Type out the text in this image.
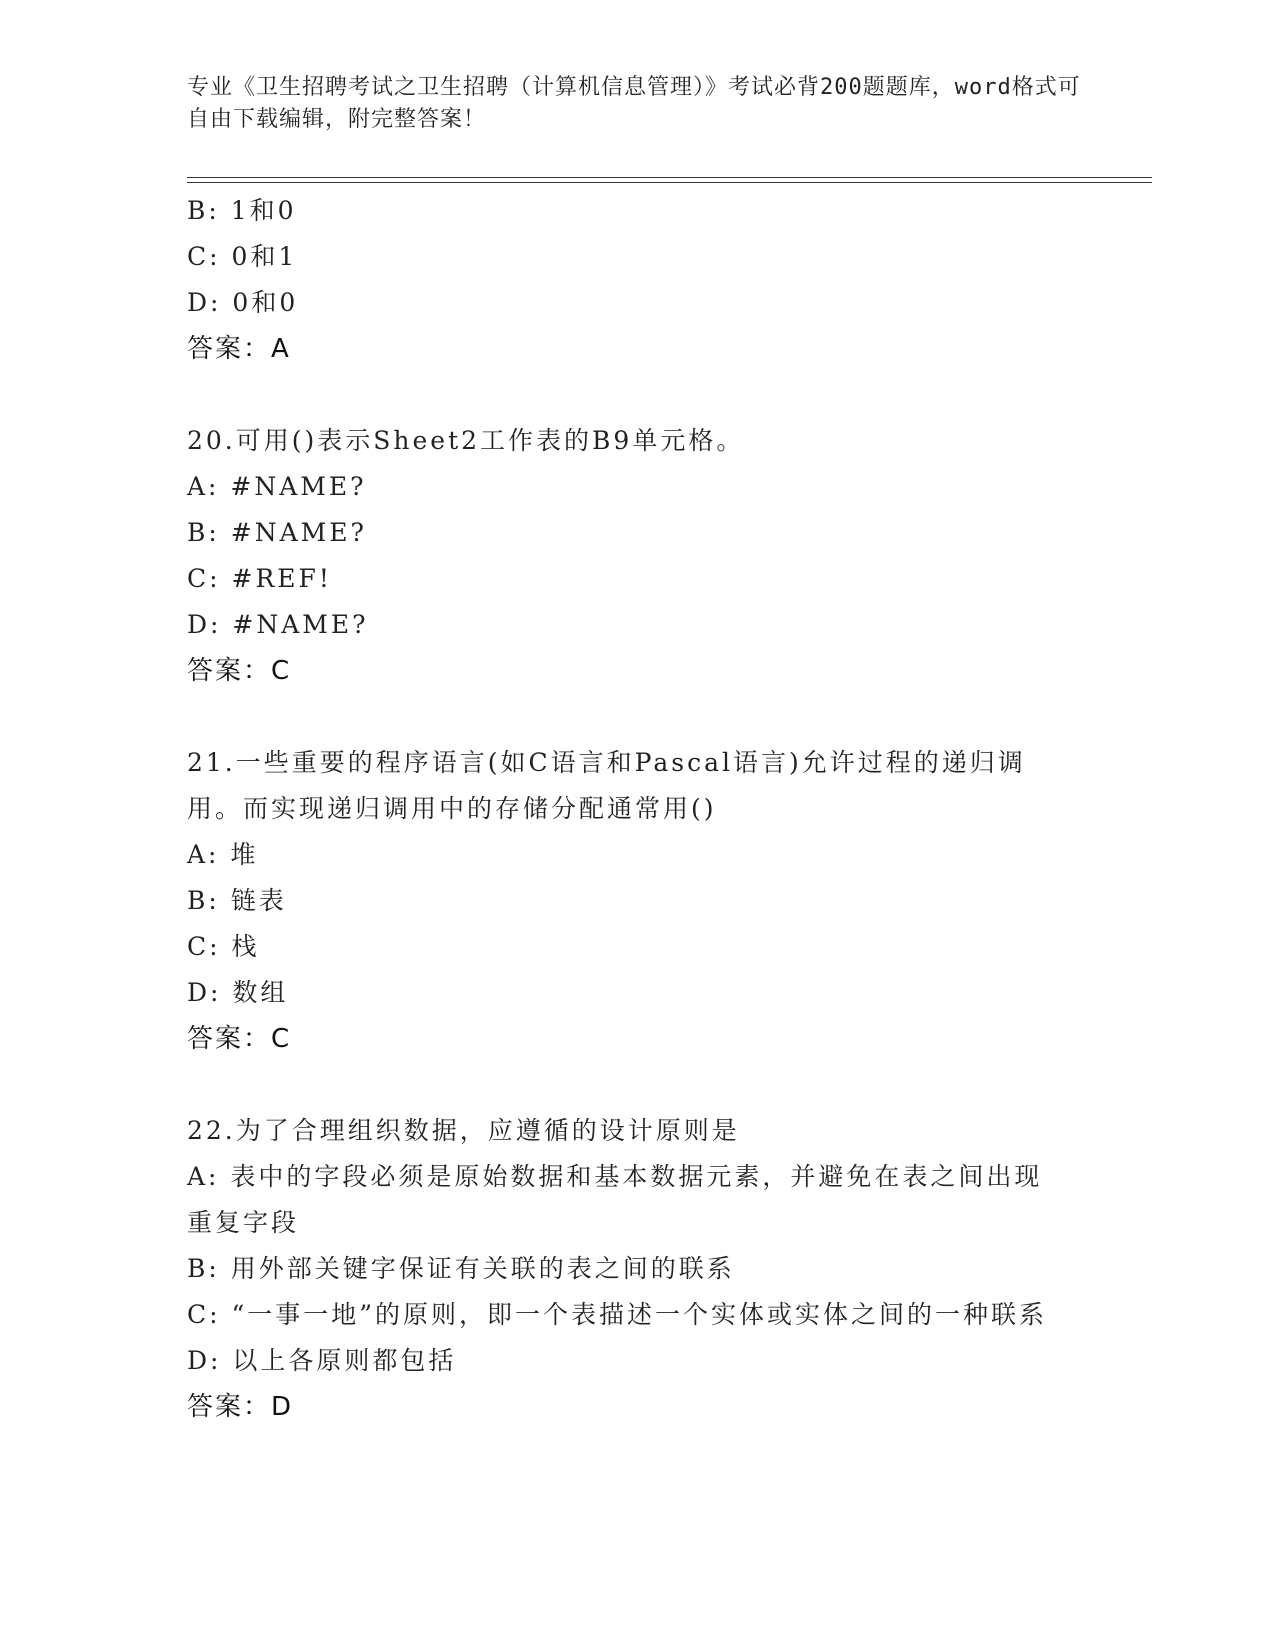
专业《卫生招聘考试之卫生招聘（计算机信息管理）》考试必背200题题库，word格式可自由下载编辑，附完整答案！
B: 1和0
C: 0和1
D: 0和0
答案：A
20.可用()表示Sheet2工作表的B9单元格。
A: #NAME?
B: #NAME?
C: #REF!
D: #NAME?
答案：C
21.一些重要的程序语言(如C语言和Pascal语言)允许过程的递归调用。而实现递归调用中的存储分配通常用()
A: 堆
B: 链表
C: 栈
D: 数组
答案：C
22.为了合理组织数据，应遵循的设计原则是
A: 表中的字段必须是原始数据和基本数据元素，并避免在表之间出现重复字段
B: 用外部关键字保证有关联的表之间的联系
C: “一事一地”的原则，即一个表描述一个实体或实体之间的一种联系
D: 以上各原则都包括
答案：D
